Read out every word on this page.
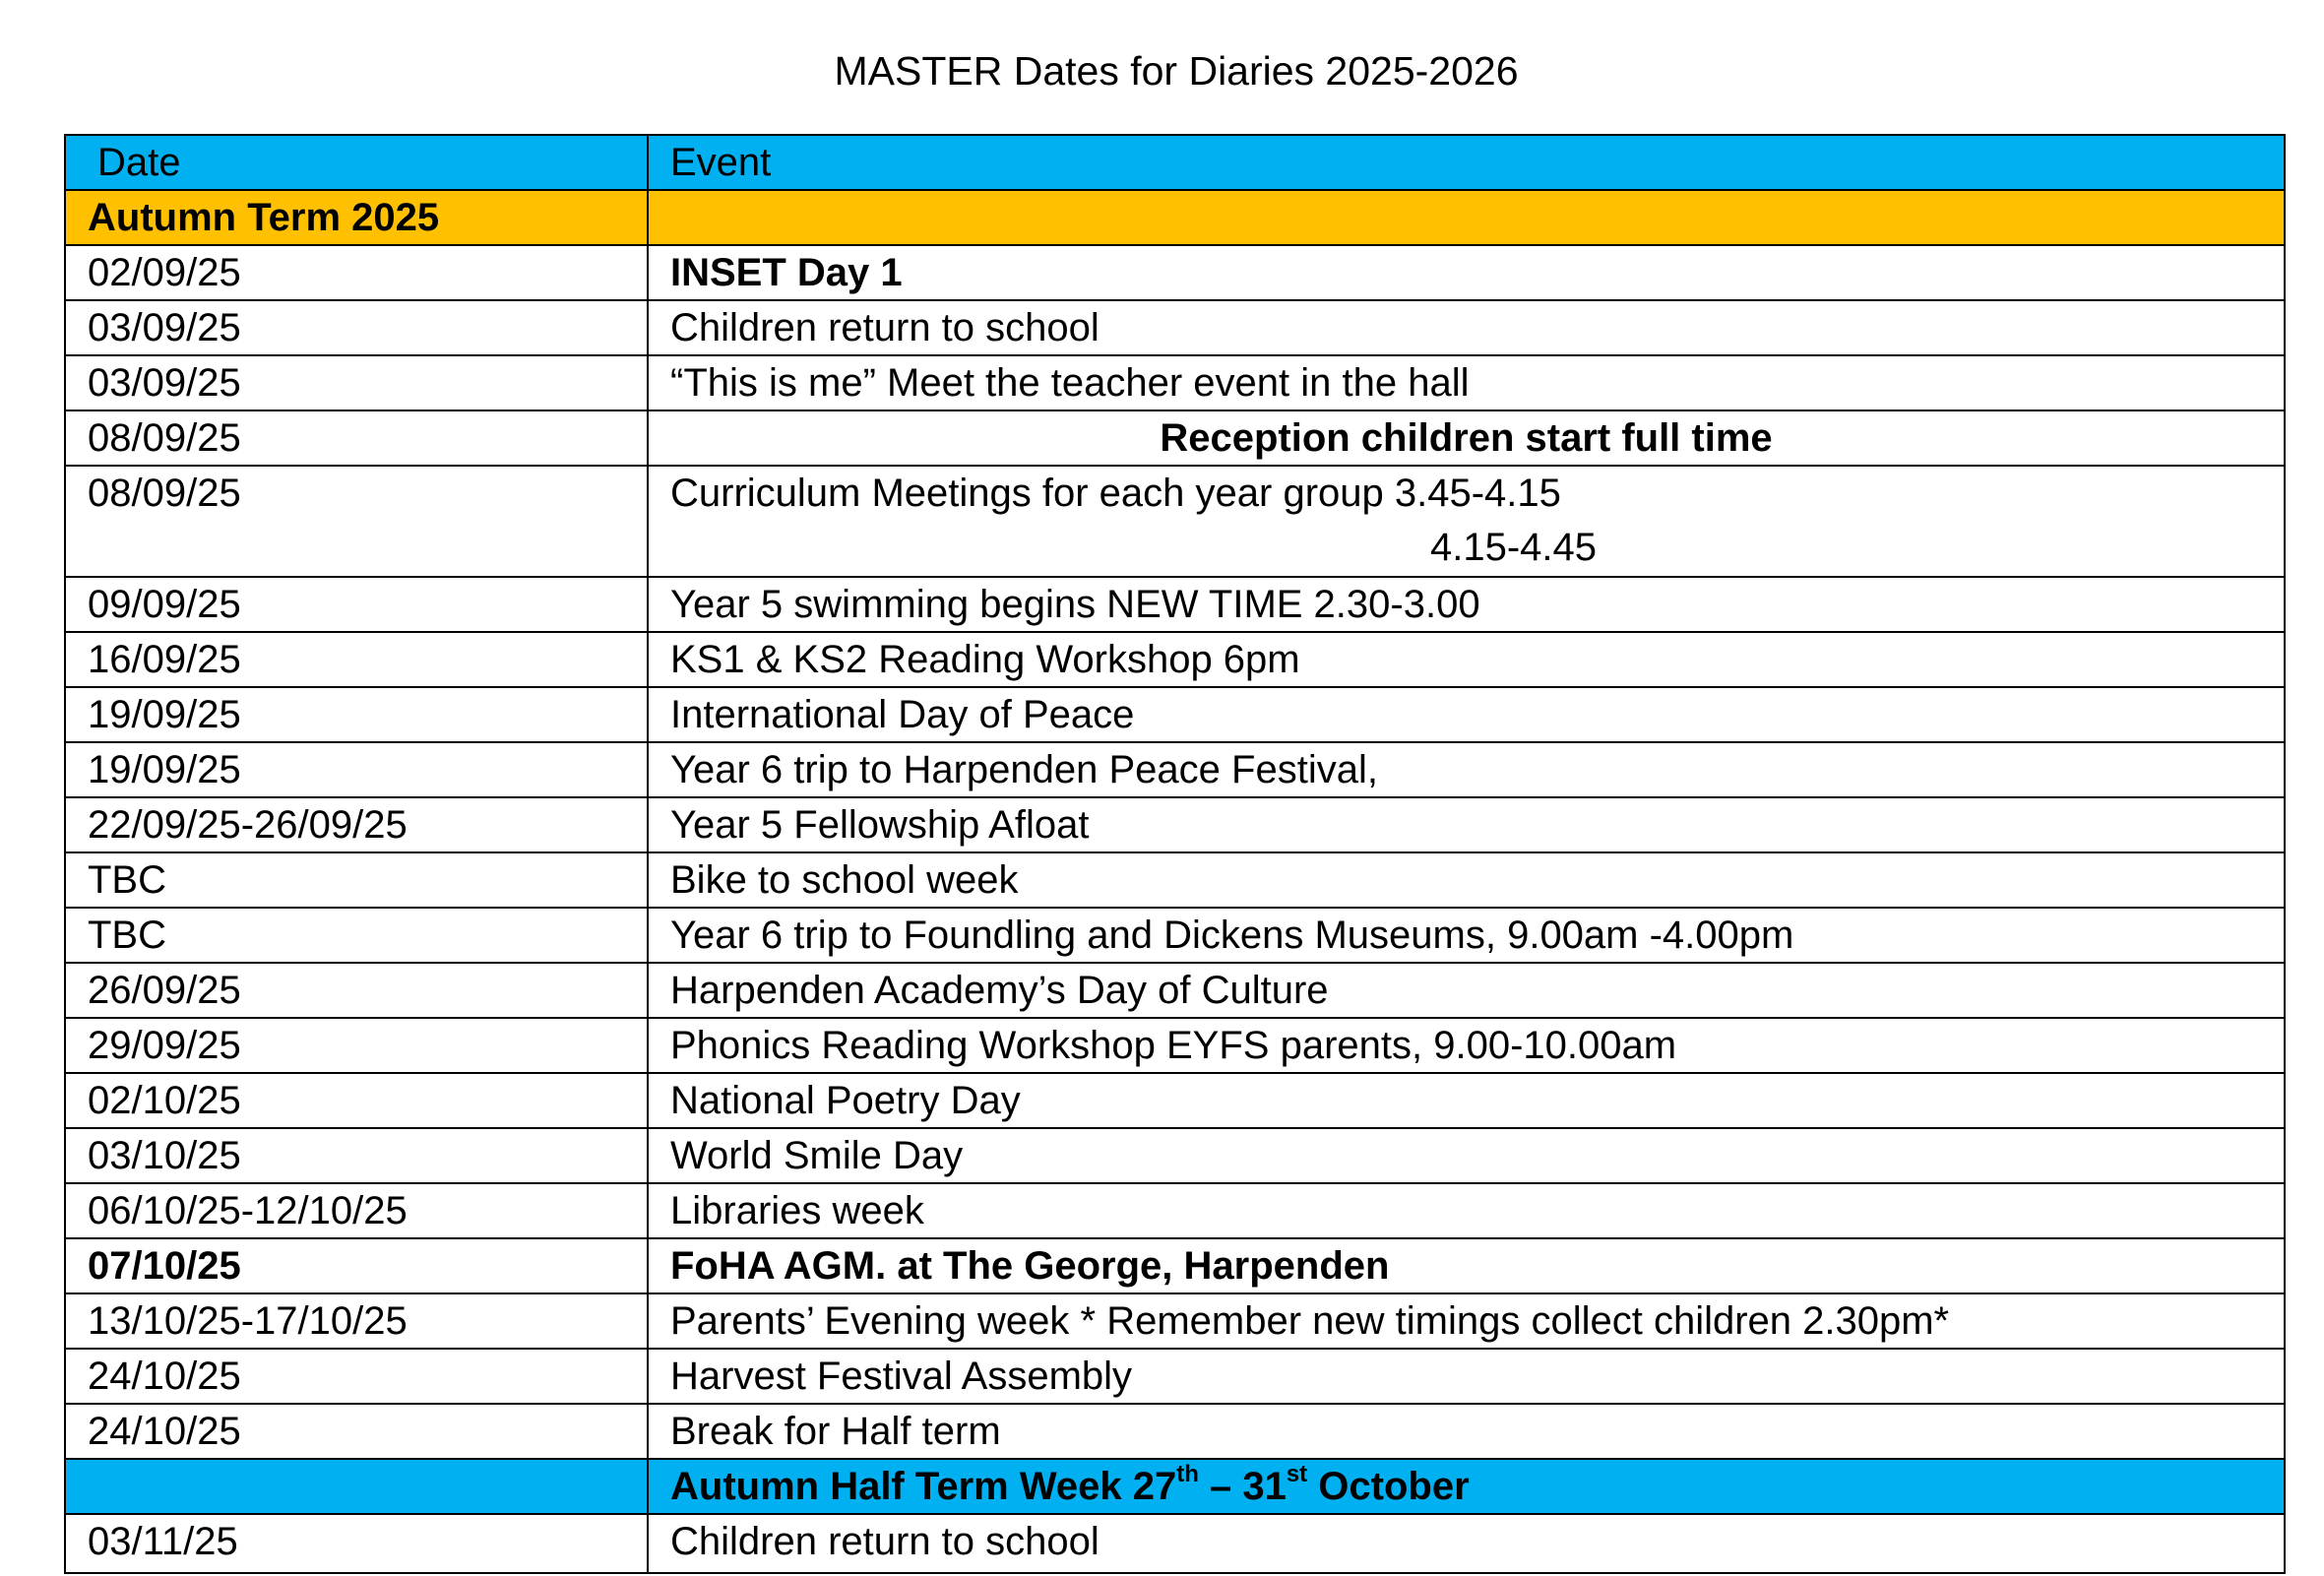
MASTER Dates for Diaries 2025-2026
Date	Event
Autumn Term 2025	
02/09/25	INSET Day 1
03/09/25	Children return to school
03/09/25	“This is me” Meet the teacher event in the hall
08/09/25	Reception children start full time
08/09/25	Curriculum Meetings for each year group 3.45-4.15
4.15-4.45

09/09/25	Year 5 swimming begins NEW TIME 2.30-3.00
16/09/25	KS1 & KS2 Reading Workshop 6pm
19/09/25	International Day of Peace
19/09/25	Year 6 trip to Harpenden Peace Festival,
22/09/25-26/09/25	Year 5 Fellowship Afloat
TBC	Bike to school week
TBC	Year 6 trip to Foundling and Dickens Museums, 9.00am -4.00pm
26/09/25	Harpenden Academy’s Day of Culture
29/09/25	Phonics Reading Workshop EYFS parents, 9.00-10.00am
02/10/25	National Poetry Day
03/10/25	World Smile Day
06/10/25-12/10/25	Libraries week
07/10/25	FoHA AGM. at The George, Harpenden
13/10/25-17/10/25	Parents’ Evening week * Remember new timings collect children 2.30pm*
24/10/25	Harvest Festival Assembly
24/10/25	Break for Half term
	Autumn Half Term Week 27th – 31st October
03/11/25	Children return to school
